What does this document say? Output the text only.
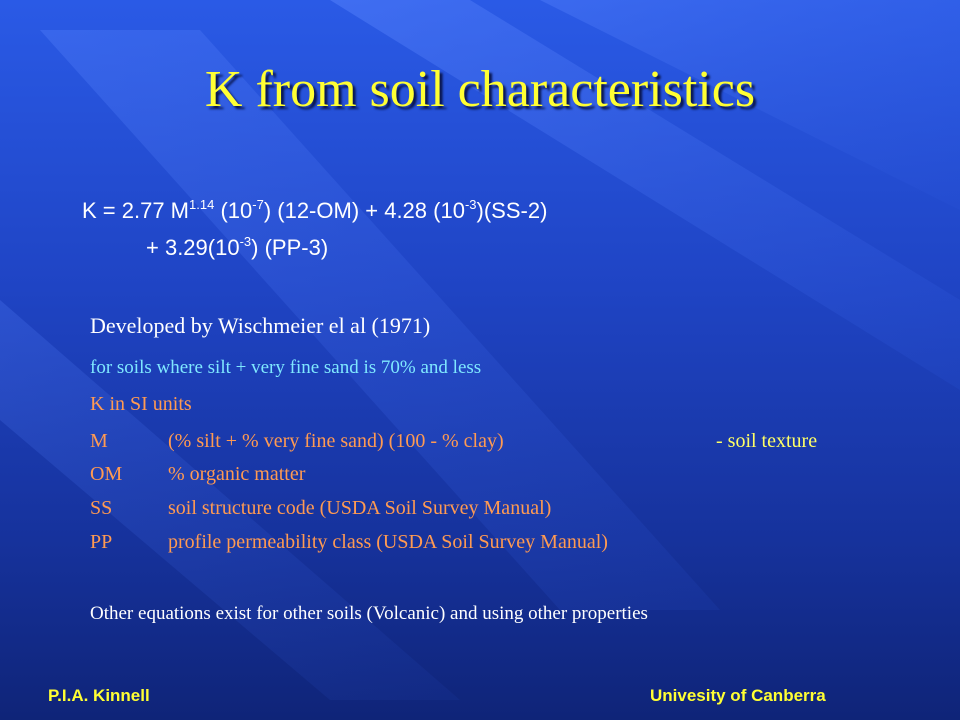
K from soil characteristics
K = 2.77 $M^{1.14}$ $(10^{-7}) (12-OM) + 4.28$ $(10^{-3})(SS-2)$
+ $3.29(10^{-3})$ (PP-3)
Developed by Wischmeier el al (1971)
for soils where silt + very fine sand is 70% and less
K in SI units
M	(% silt + % very fine sand) (100 - % clay)	- soil texture
OM % organic matter
SS	soil structure code (USDA Soil Survey Manual)
PP	profile permeability class (USDA Soil Survey Manual)
Other equations exist for other soils (Volcanic) and using other properties
P.I.A. Kinnell	Univesity of Canberra
